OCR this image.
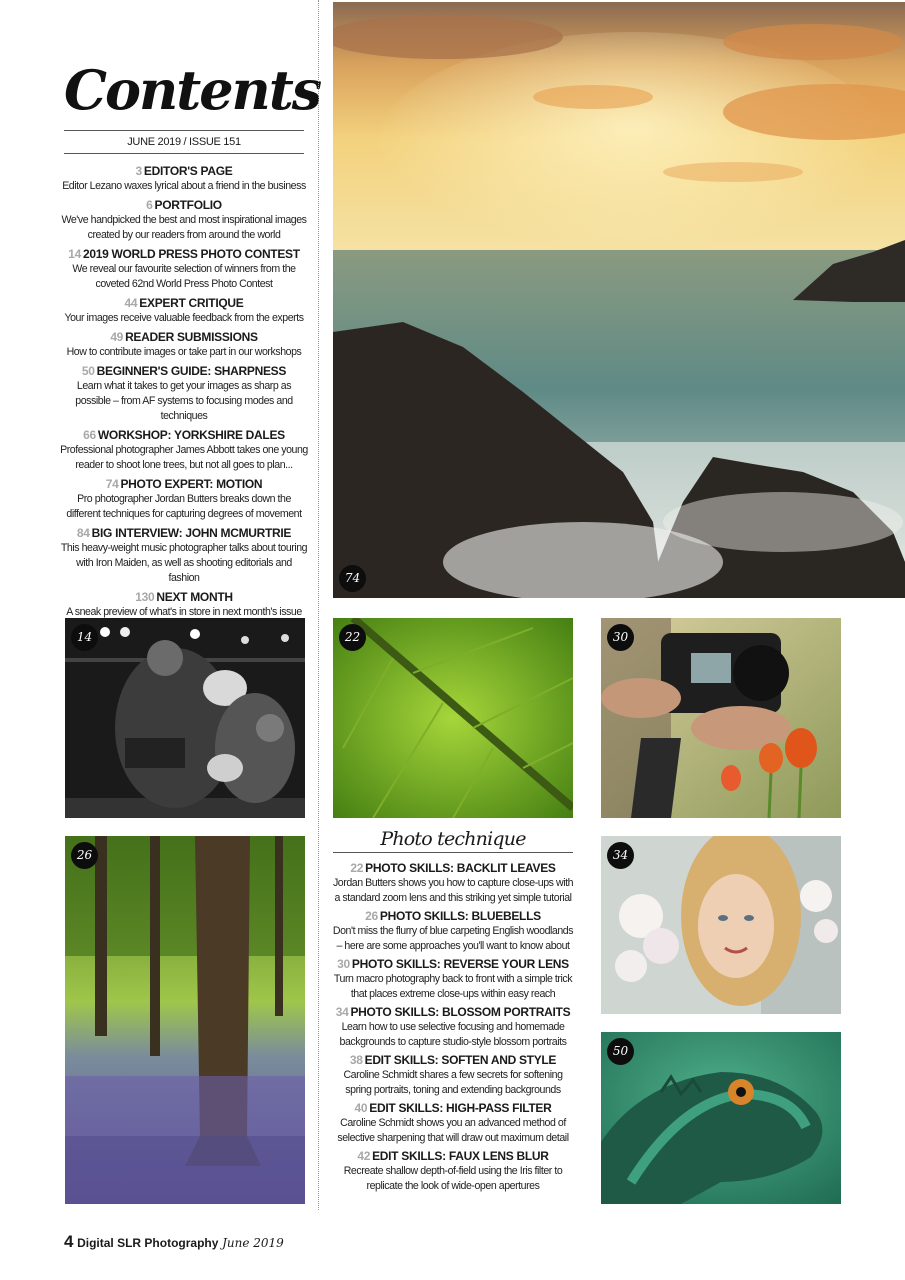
Contents
JUNE 2019 / ISSUE 151
3 EDITOR'S PAGE
Editor Lezano waxes lyrical about a friend in the business
6 PORTFOLIO
We've handpicked the best and most inspirational images created by our readers from around the world
14 2019 WORLD PRESS PHOTO CONTEST
We reveal our favourite selection of winners from the coveted 62nd World Press Photo Contest
44 EXPERT CRITIQUE
Your images receive valuable feedback from the experts
49 READER SUBMISSIONS
How to contribute images or take part in our workshops
50 BEGINNER'S GUIDE: SHARPNESS
Learn what it takes to get your images as sharp as possible – from AF systems to focusing modes and techniques
66 WORKSHOP: YORKSHIRE DALES
Professional photographer James Abbott takes one young reader to shoot lone trees, but not all goes to plan...
74 PHOTO EXPERT: MOTION
Pro photographer Jordan Butters breaks down the different techniques for capturing degrees of movement
84 BIG INTERVIEW: JOHN MCMURTRIE
This heavy-weight music photographer talks about touring with Iron Maiden, as well as shooting editorials and fashion
130 NEXT MONTH
A sneak preview of what's in store in next month's issue
74
14	22	30
26	34
50
Photo technique
22 PHOTO SKILLS: BACKLIT LEAVES
Jordan Butters shows you how to capture close-ups with a standard zoom lens and this striking yet simple tutorial
26 PHOTO SKILLS: BLUEBELLS
Don't miss the flurry of blue carpeting English woodlands – here are some approaches you'll want to know about
30 PHOTO SKILLS: REVERSE YOUR LENS
Turn macro photography back to front with a simple trick that places extreme close-ups within easy reach
34 PHOTO SKILLS: BLOSSOM PORTRAITS
Learn how to use selective focusing and homemade backgrounds to capture studio-style blossom portraits
38 EDIT SKILLS: SOFTEN AND STYLE
Caroline Schmidt shares a few secrets for softening spring portraits, toning and extending backgrounds
40 EDIT SKILLS: HIGH-PASS FILTER
Caroline Schmidt shows you an advanced method of selective sharpening that will draw out maximum detail
42 EDIT SKILLS: FAUX LENS BLUR
Recreate shallow depth-of-field using the Iris filter to replicate the look of wide-open apertures
4 Digital SLR Photography June 2019
